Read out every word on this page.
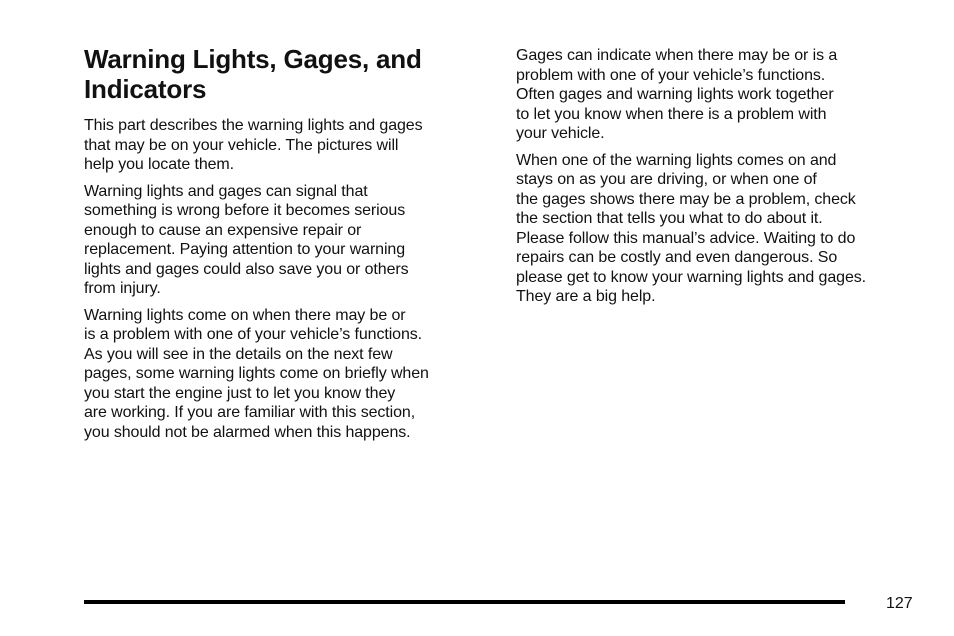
Warning Lights, Gages, and
Indicators

This part describes the warning lights and gages
that may be on your vehicle. The pictures will
help you locate them.

Warning lights and gages can signal that
something is wrong before it becomes serious
enough to cause an expensive repair or
replacement. Paying attention to your warning
lights and gages could also save you or others
from injury.

Warning lights come on when there may be or
is a problem with one of your vehicle’s functions.
As you will see in the details on the next few
pages, some warning lights come on briefly when
you start the engine just to let you know they
are working. If you are familiar with this section,
you should not be alarmed when this happens.

Gages can indicate when there may be or is a
problem with one of your vehicle’s functions.
Often gages and warning lights work together
to let you know when there is a problem with
your vehicle.

When one of the warning lights comes on and
stays on as you are driving, or when one of
the gages shows there may be a problem, check
the section that tells you what to do about it.
Please follow this manual’s advice. Waiting to do
repairs can be costly and even dangerous. So
please get to know your warning lights and gages.
They are a big help.

127
